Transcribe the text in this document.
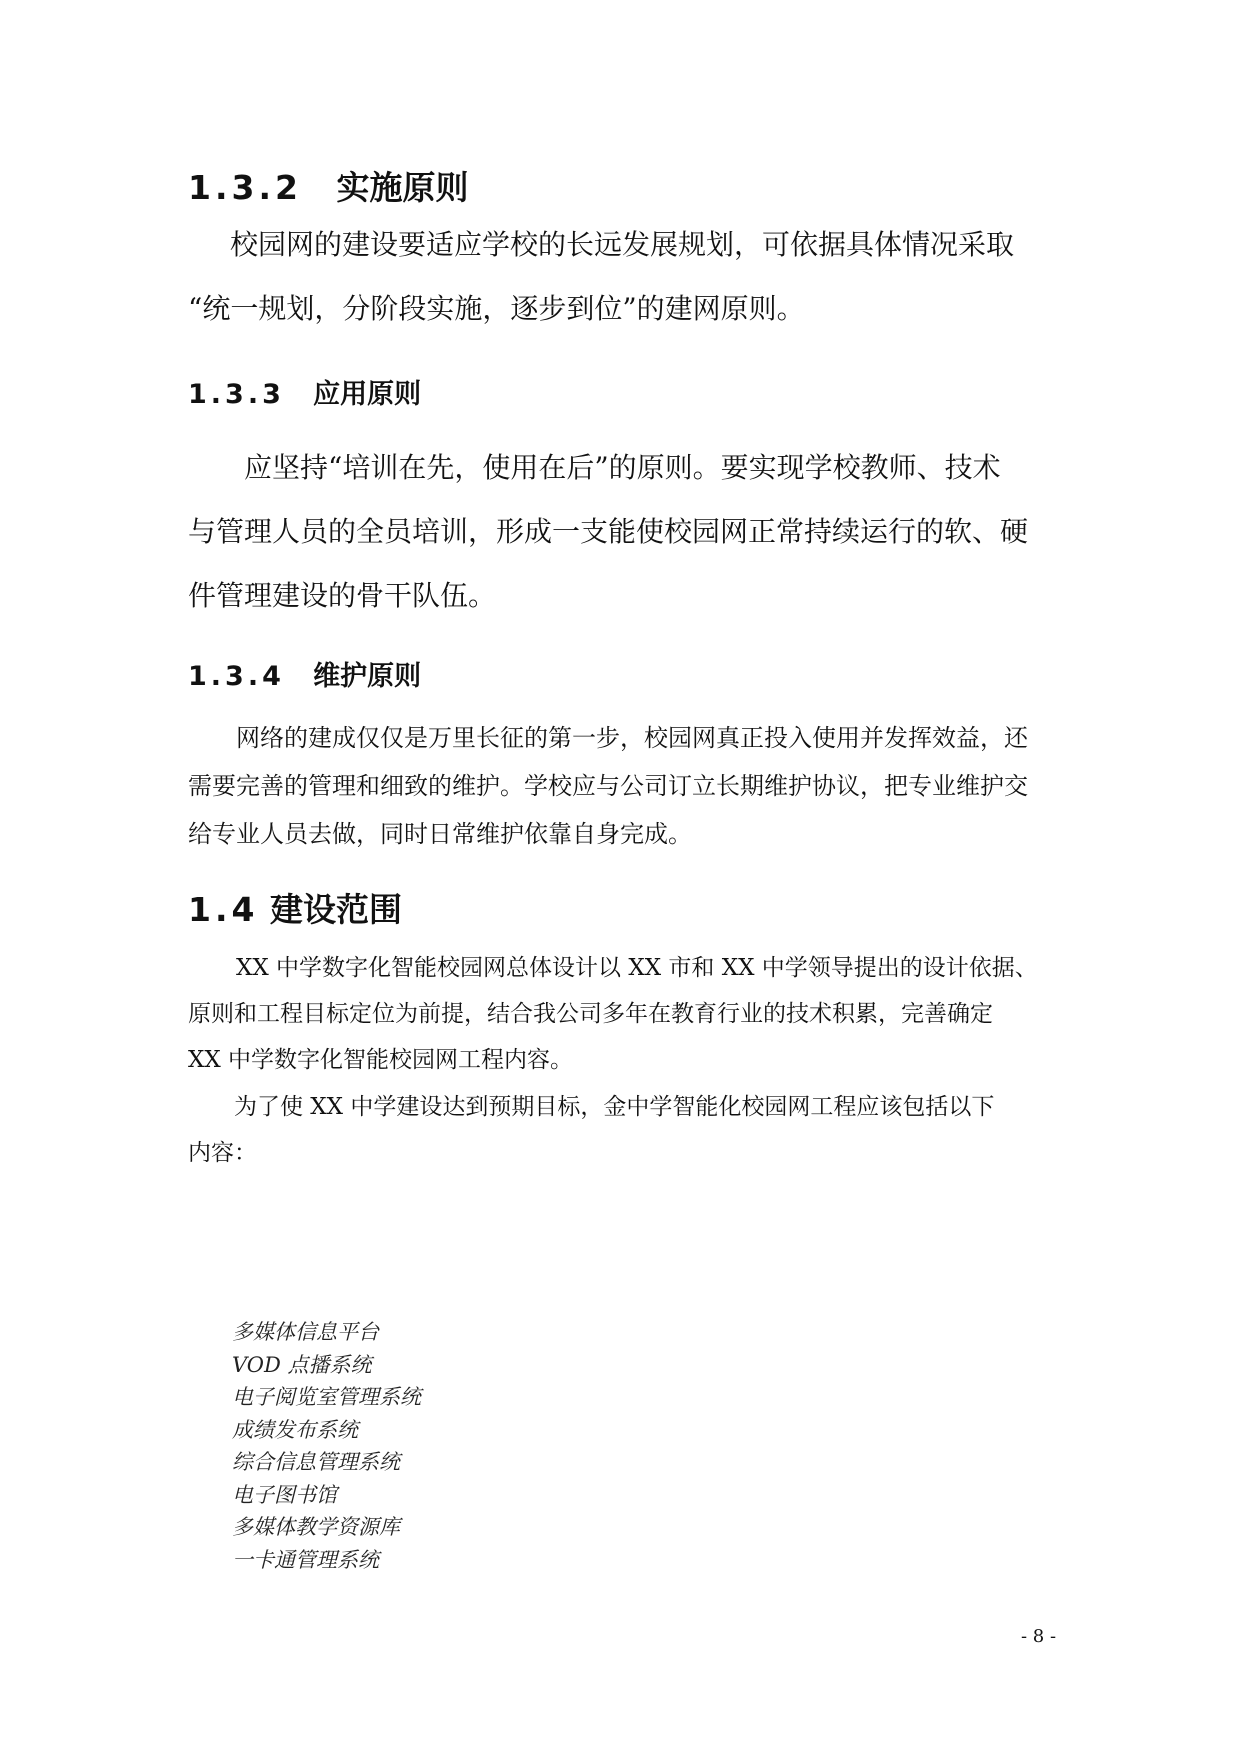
1.3.2 实施原则

校园网的建设要适应学校的长远发展规划，可依据具体情况采取
“统一规划，分阶段实施，逐步到位”的建网原则。

1.3.3 应用原则

应坚持“培训在先，使用在后”的原则。要实现学校教师、技术
与管理人员的全员培训，形成一支能使校园网正常持续运行的软、硬
件管理建设的骨干队伍。

1.3.4 维护原则

网络的建成仅仅是万里长征的第一步，校园网真正投入使用并发挥效益，还
需要完善的管理和细致的维护。学校应与公司订立长期维护协议，把专业维护交
给专业人员去做，同时日常维护依靠自身完成。

1.4 建设范围

XX 中学数字化智能校园网总体设计以 XX 市和 XX 中学领导提出的设计依据、
原则和工程目标定位为前提，结合我公司多年在教育行业的技术积累，完善确定
XX 中学数字化智能校园网工程内容。

为了使 XX 中学建设达到预期目标，金中学智能化校园网工程应该包括以下
内容：

多媒体信息平台
VOD 点播系统
电子阅览室管理系统
成绩发布系统
综合信息管理系统
电子图书馆
多媒体教学资源库
一卡通管理系统
- 8 -
